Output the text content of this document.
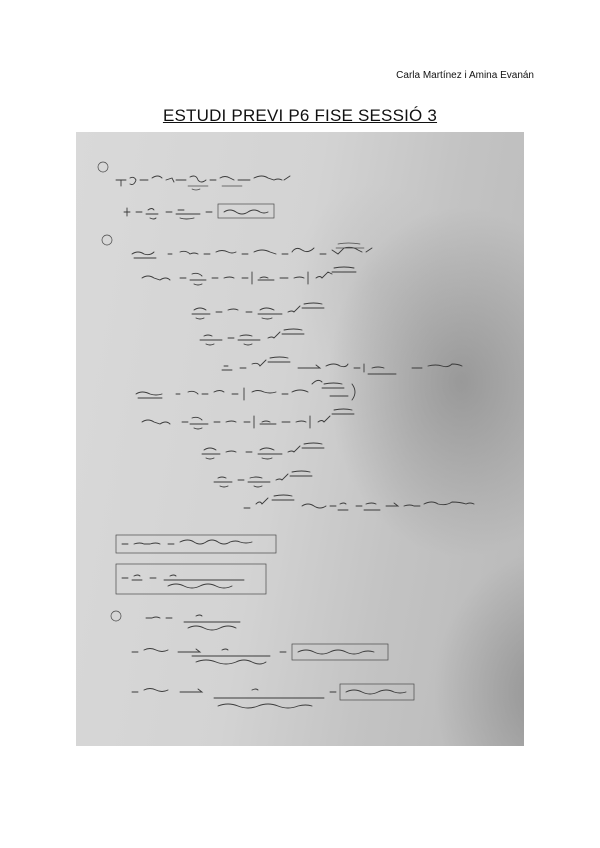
Carla Martínez i Amina Evanán
ESTUDI PREVI P6 FISE SESSIÓ 3
